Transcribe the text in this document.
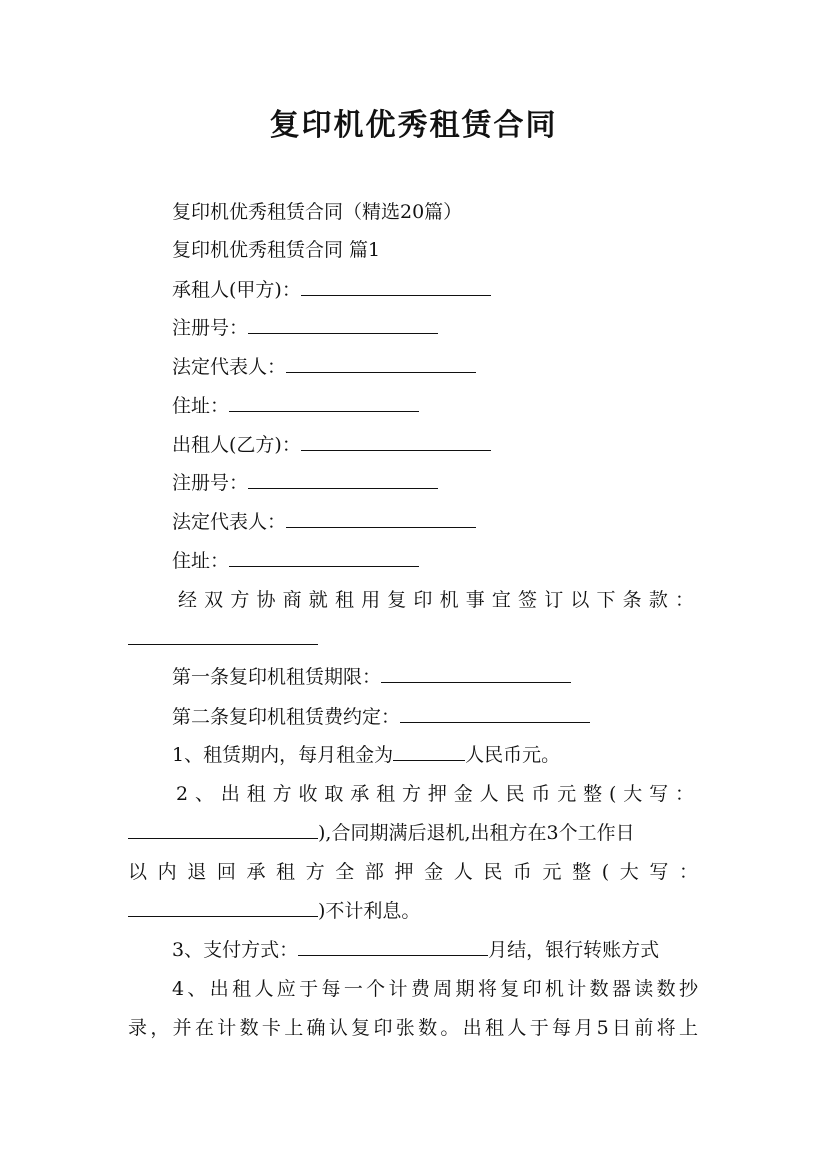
复印机优秀租赁合同
复印机优秀租赁合同（精选20篇）
复印机优秀租赁合同 篇1
承租人(甲方)：
注册号：
法定代表人：
住址：
出租人(乙方)：
注册号：
法定代表人：
住址：
经双方协商就租用复印机事宜签订以下条款：
第一条复印机租赁期限：
第二条复印机租赁费约定：
1、租赁期内，每月租金为	人民币元。
2、出租方收取承租方押金人民币元整(大写：
),合同期满后退机,出租方在3个工作日
以内退回承租方全部押金人民币元整(大写：
)不计利息。
3、支付方式：	月结，银行转账方式
4、出租人应于每一个计费周期将复印机计数器读数抄
录，并在计数卡上确认复印张数。出租人于每月5日前将上
